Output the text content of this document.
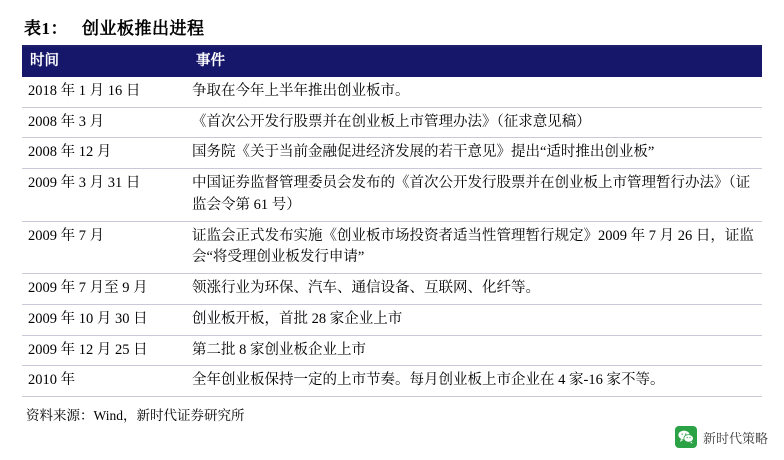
表1： 创业板推出进程
时间	事件
2018 年 1 月 16 日	争取在今年上半年推出创业板市。
2008 年 3 月	《首次公开发行股票并在创业板上市管理办法》（征求意见稿）
2008 年 12 月	国务院《关于当前金融促进经济发展的若干意见》提出“适时推出创业板”
2009 年 3 月 31 日	中国证券监督管理委员会发布的《首次公开发行股票并在创业板上市管理暂行办法》（证监会令第 61 号）
2009 年 7 月	证监会正式发布实施《创业板市场投资者适当性管理暂行规定》2009 年 7 月 26 日，证监会“将受理创业板发行申请”
2009 年 7 月至 9 月	领涨行业为环保、汽车、通信设备、互联网、化纤等。
2009 年 10 月 30 日	创业板开板，首批 28 家企业上市
2009 年 12 月 25 日	第二批 8 家创业板企业上市
2010 年	全年创业板保持一定的上市节奏。每月创业板上市企业在 4 家-16 家不等。
资料来源：Wind，新时代证券研究所
新时代策略
